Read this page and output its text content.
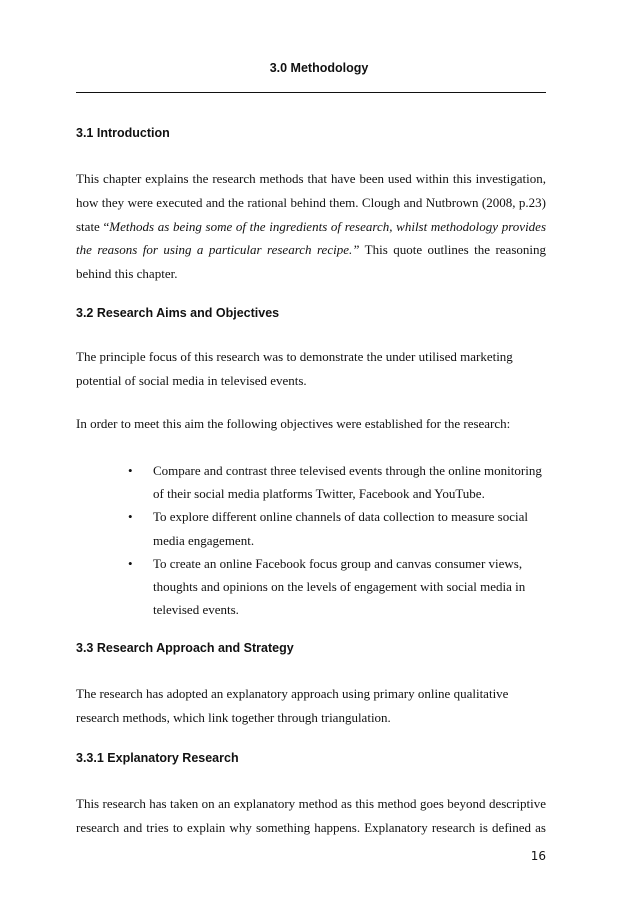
3.0 Methodology
3.1 Introduction
This chapter explains the research methods that have been used within this investigation,
how they were executed and the rational behind them. Clough and Nutbrown (2008, p.23)
state “Methods as being some of the ingredients of research, whilst methodology provides
the reasons for using a particular research recipe.” This quote outlines the reasoning
behind this chapter.
3.2 Research Aims and Objectives
The principle focus of this research was to demonstrate the under utilised marketing
potential of social media in televised events.
In order to meet this aim the following objectives were established for the research:
• Compare and contrast three televised events through the online monitoring
of their social media platforms Twitter, Facebook and YouTube.
• To explore different online channels of data collection to measure social
media engagement.
• To create an online Facebook focus group and canvas consumer views,
thoughts and opinions on the levels of engagement with social media in
televised events.
3.3 Research Approach and Strategy
The research has adopted an explanatory approach using primary online qualitative
research methods, which link together through triangulation.
3.3.1 Explanatory Research
This research has taken on an explanatory method as this method goes beyond descriptive
research and tries to explain why something happens. Explanatory research is defined as
16
